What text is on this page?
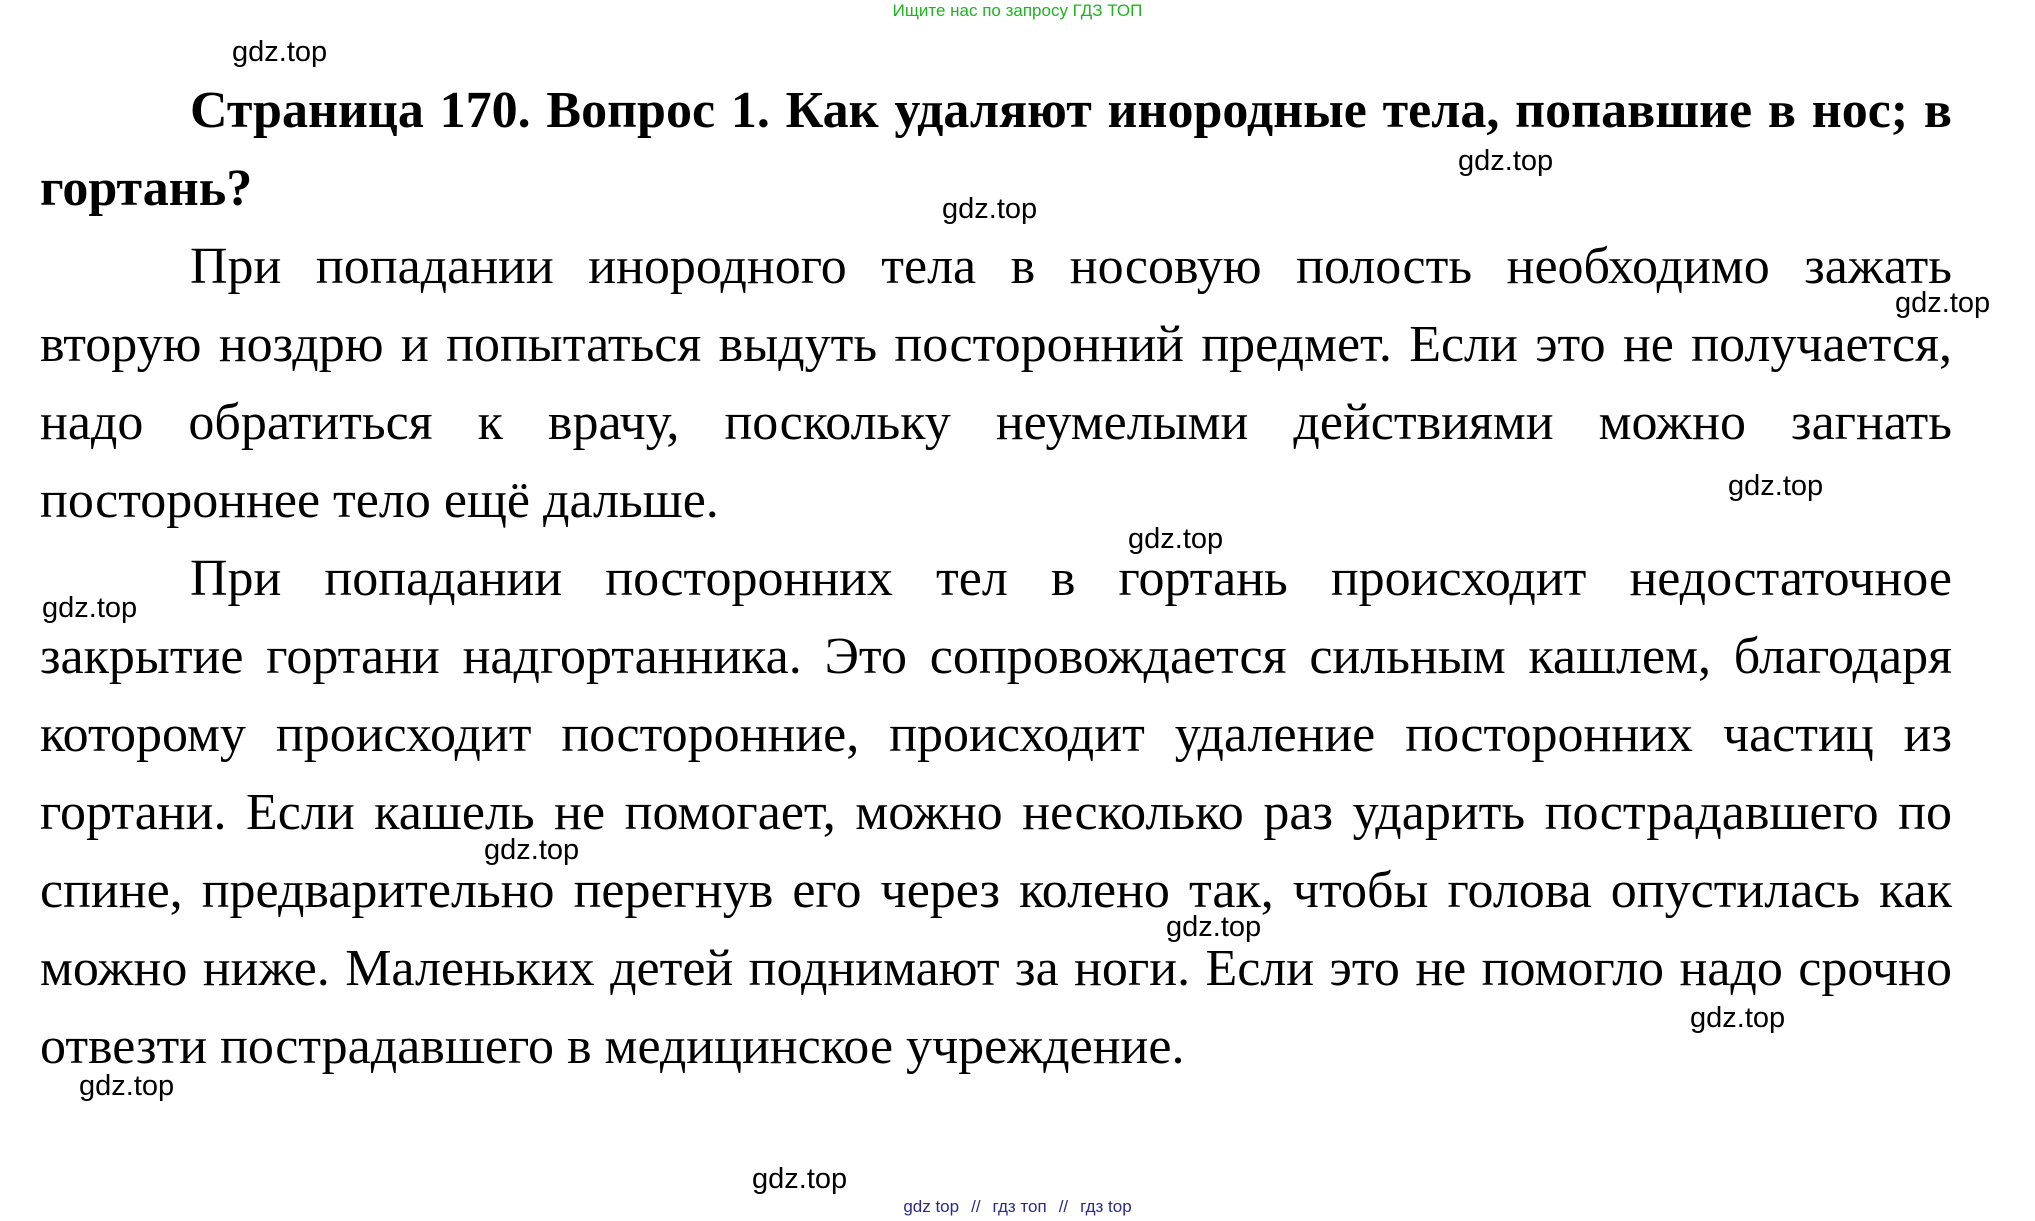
Ищите нас по запросу ГДЗ ТОП

Страница 170. Вопрос 1. Как удаляют инородные тела, попавшие в нос; в гортань?

При попадании инородного тела в носовую полость необходимо зажать вторую ноздрю и попытаться выдуть посторонний предмет. Если это не получается, надо обратиться к врачу, поскольку неумелыми действиями можно загнать постороннее тело ещё дальше.

При попадании посторонних тел в гортань происходит недостаточное закрытие гортани надгортанника. Это сопровождается сильным кашлем, благодаря которому происходит посторонние, происходит удаление посторонних частиц из гортани. Если кашель не помогает, можно несколько раз ударить пострадавшего по спине, предварительно перегнув его через колено так, чтобы голова опустилась как можно ниже. Маленьких детей поднимают за ноги. Если это не помогло надо срочно отвезти пострадавшего в медицинское учреждение.

gdz.top
gdz.top
gdz.top
gdz.top
gdz.top
gdz.top
gdz.top
gdz.top
gdz.top
gdz.top
gdz.top
gdz.top
gdz top // гдз топ // гдз top
